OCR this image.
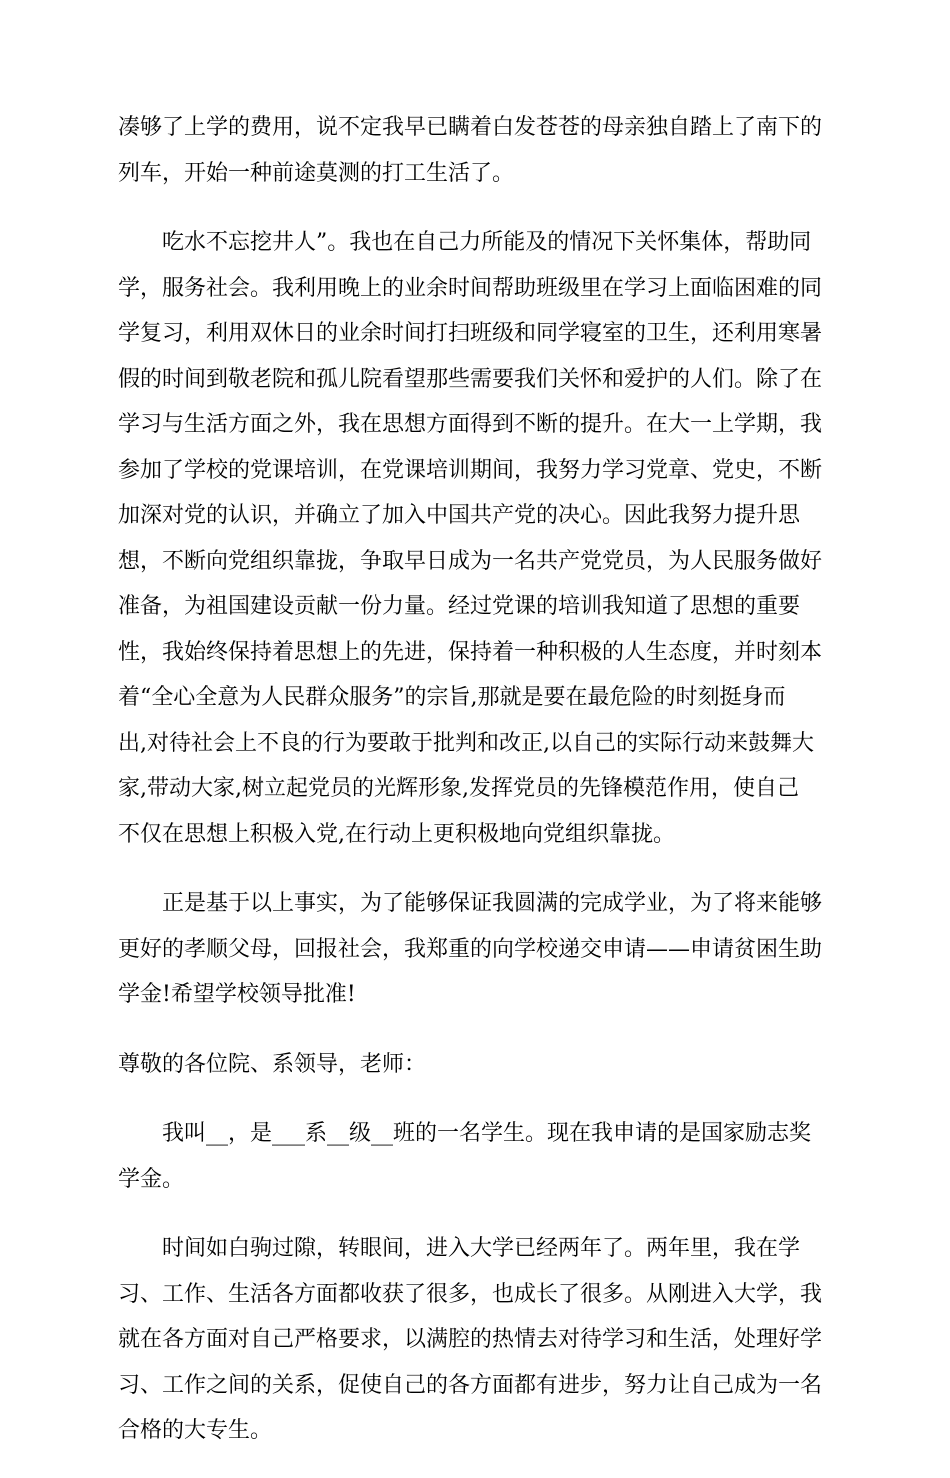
凑够了上学的费用，说不定我早已瞒着白发苍苍的母亲独自踏上了南下的
列车，开始一种前途莫测的打工生活了。
吃水不忘挖井人”。我也在自己力所能及的情况下关怀集体，帮助同
学，服务社会。我利用晚上的业余时间帮助班级里在学习上面临困难的同
学复习，利用双休日的业余时间打扫班级和同学寝室的卫生，还利用寒暑
假的时间到敬老院和孤儿院看望那些需要我们关怀和爱护的人们。除了在
学习与生活方面之外，我在思想方面得到不断的提升。在大一上学期，我
参加了学校的党课培训，在党课培训期间，我努力学习党章、党史，不断
加深对党的认识，并确立了加入中国共产党的决心。因此我努力提升思
想，不断向党组织靠拢，争取早日成为一名共产党党员，为人民服务做好
准备，为祖国建设贡献一份力量。经过党课的培训我知道了思想的重要
性，我始终保持着思想上的先进，保持着一种积极的人生态度，并时刻本
着“全心全意为人民群众服务”的宗旨,那就是要在最危险的时刻挺身而
出,对待社会上不良的行为要敢于批判和改正,以自己的实际行动来鼓舞大
家,带动大家,树立起党员的光辉形象,发挥党员的先锋模范作用，使自己
不仅在思想上积极入党,在行动上更积极地向党组织靠拢。
正是基于以上事实，为了能够保证我圆满的完成学业，为了将来能够
更好的孝顺父母，回报社会，我郑重的向学校递交申请——申请贫困生助
学金!希望学校领导批准!
尊敬的各位院、系领导，老师：
我叫__，是___系__级__班的一名学生。现在我申请的是国家励志奖
学金。
时间如白驹过隙，转眼间，进入大学已经两年了。两年里，我在学
习、工作、生活各方面都收获了很多，也成长了很多。从刚进入大学，我
就在各方面对自己严格要求，以满腔的热情去对待学习和生活，处理好学
习、工作之间的关系，促使自己的各方面都有进步，努力让自己成为一名
合格的大专生。
